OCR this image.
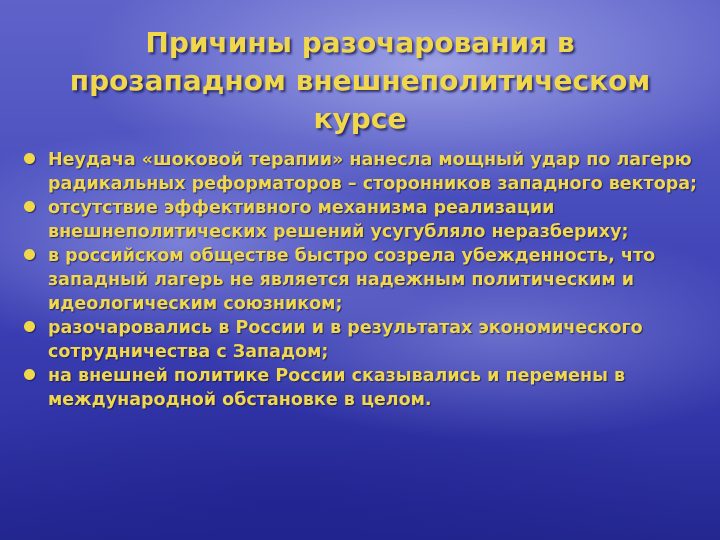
Причины разочарования в прозападном внешнеполитическом курсе
Неудача «шоковой терапии» нанесла мощный удар по лагерю радикальных реформаторов – сторонников западного вектора;
отсутствие эффективного механизма реализации внешнеполитических решений усугубляло неразбериху;
в российском обществе быстро созрела убежденность, что западный лагерь не является надежным политическим и идеологическим союзником;
разочаровались в России и в результатах экономического сотрудничества с Западом;
на внешней политике России сказывались и перемены в международной обстановке в целом.
